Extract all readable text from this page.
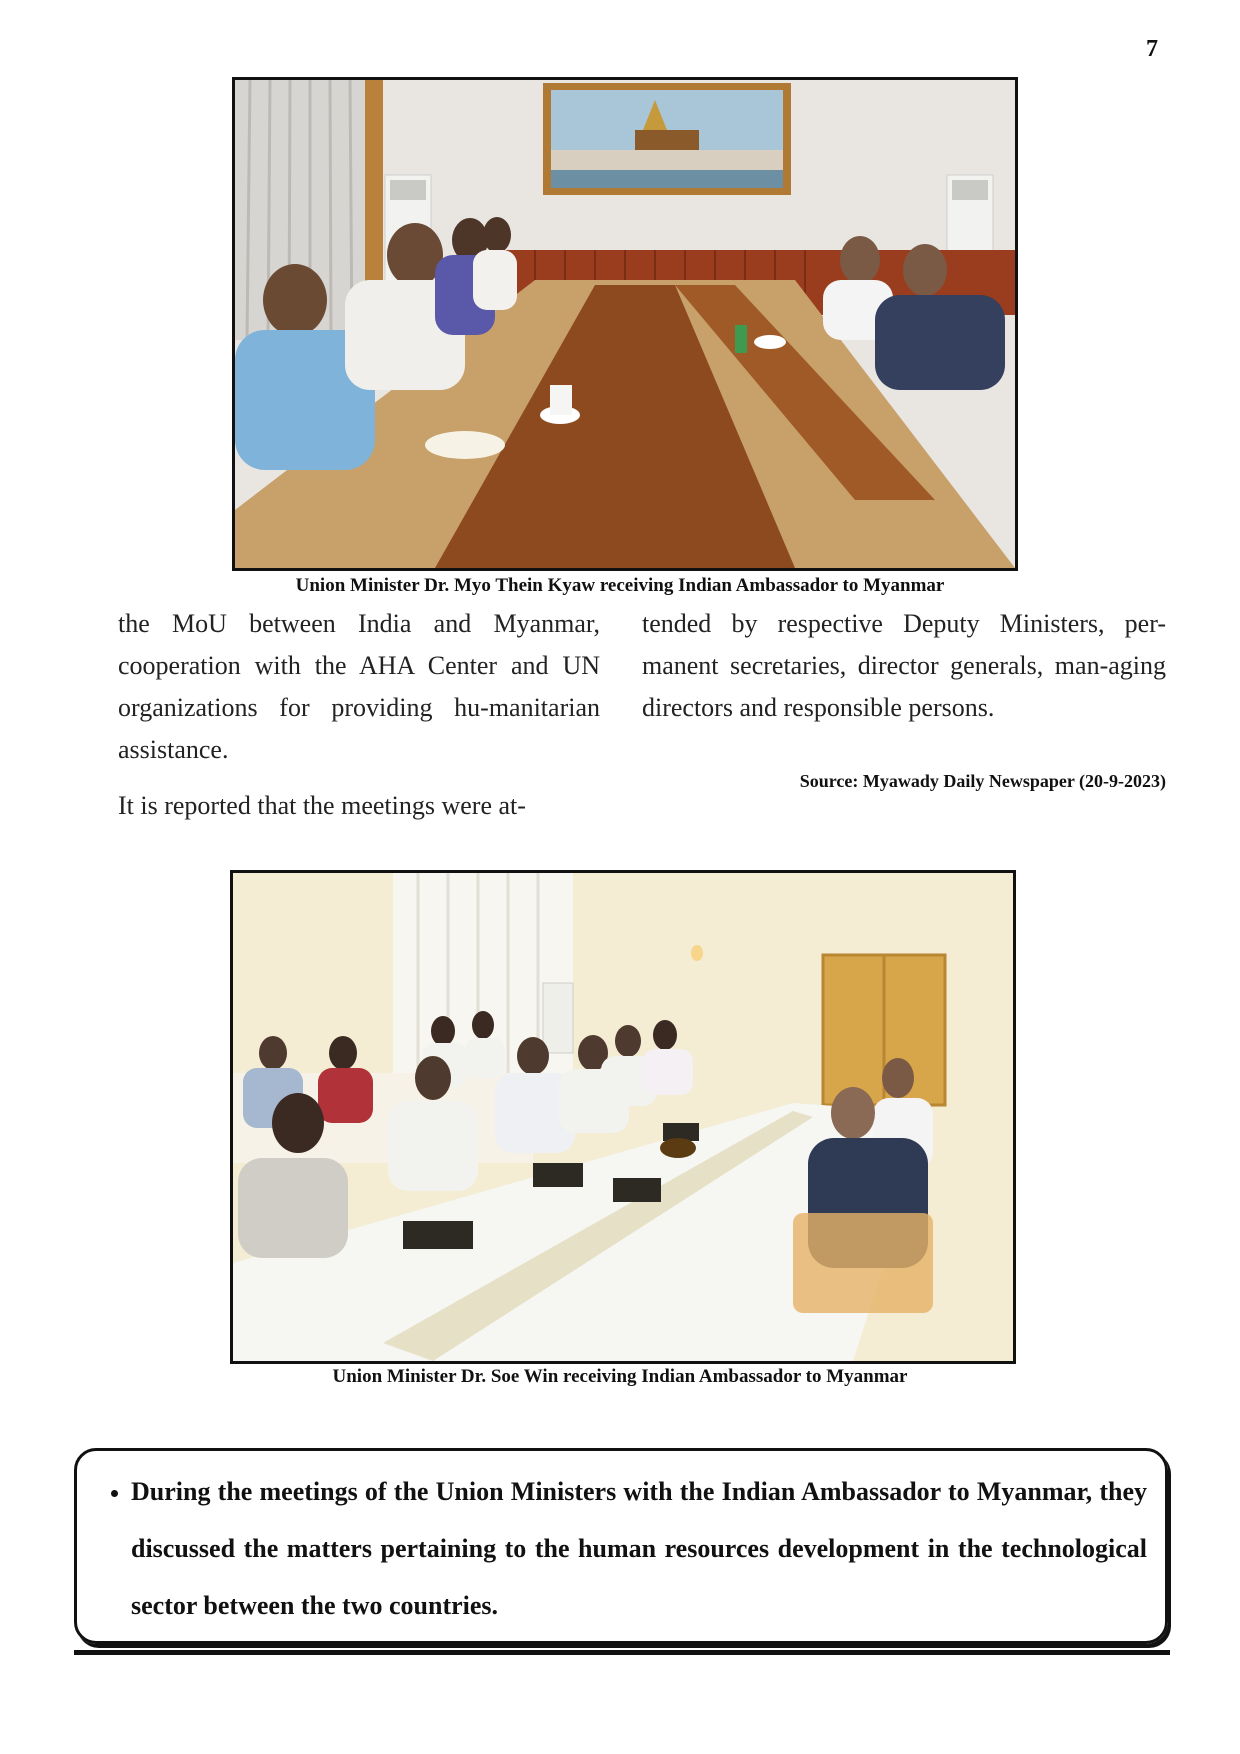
7
Union Minister Dr. Myo Thein Kyaw receiving Indian Ambassador to Myanmar

the MoU between India and Myanmar, cooperation with the AHA Center and UN organizations for providing hu-manitarian assistance.

It is reported that the meetings were at-

tended by respective Deputy Ministers, per-manent secretaries, director generals, man-aging directors and responsible persons.

Source: Myawady Daily Newspaper (20-9-2023)
Union Minister Dr. Soe Win receiving Indian Ambassador to Myanmar
• During the meetings of the Union Ministers with the Indian Ambassador to Myanmar, they discussed the matters pertaining to the human resources development in the technological sector between the two countries.
